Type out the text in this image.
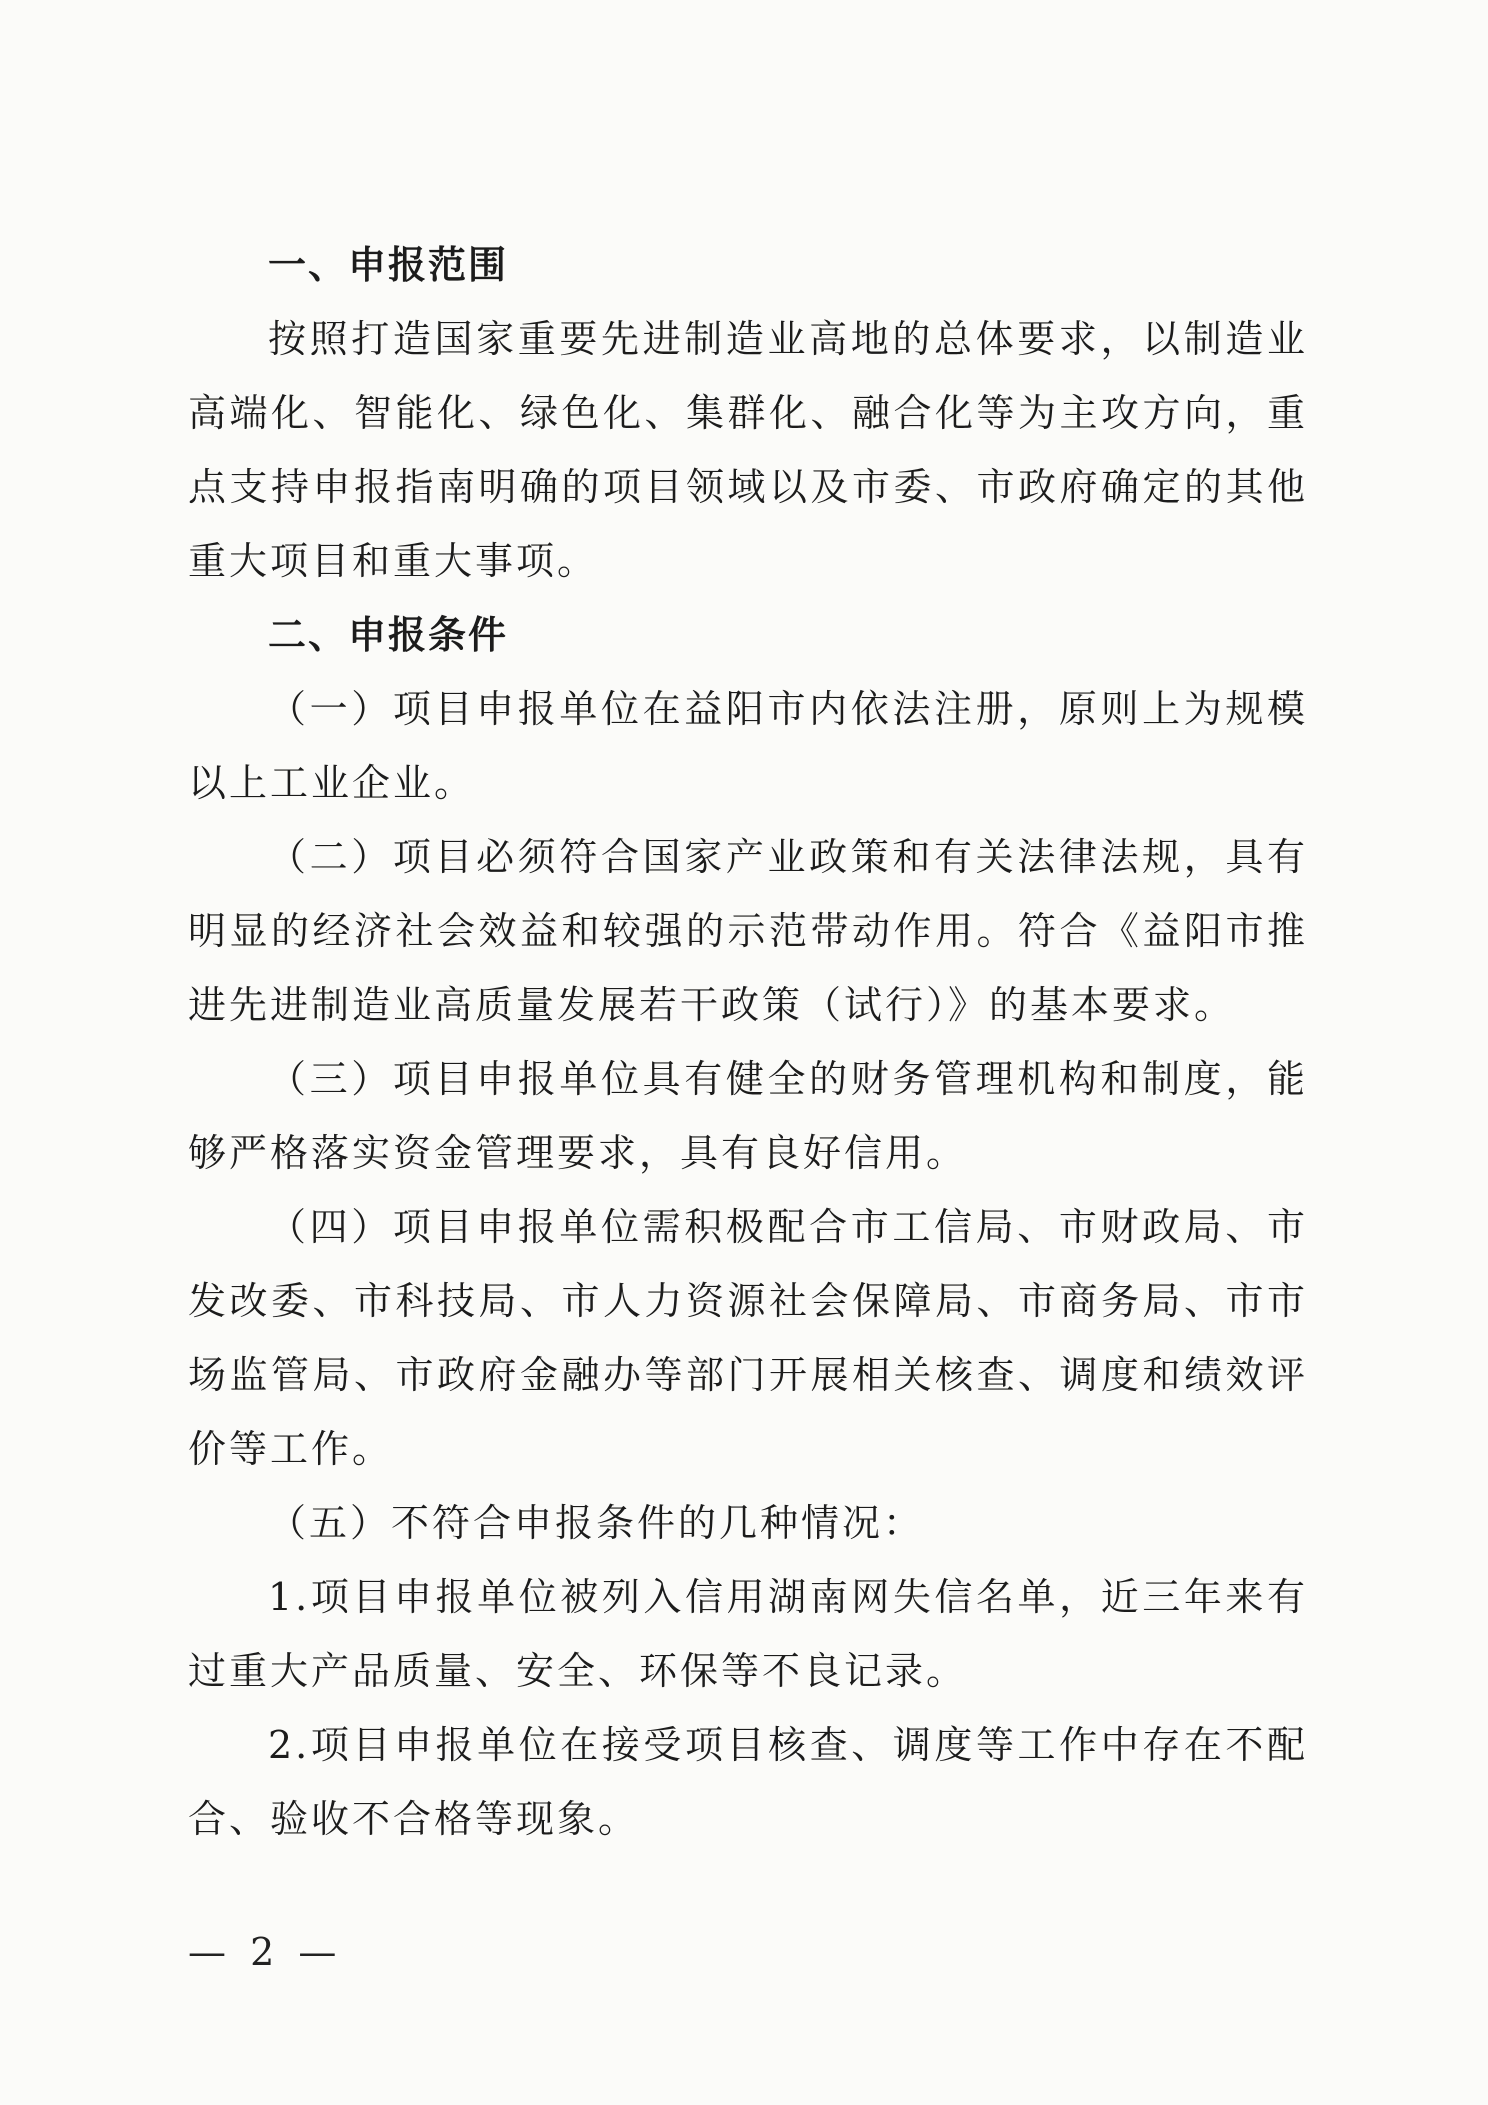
一、申报范围

按照打造国家重要先进制造业高地的总体要求，以制造业高端化、智能化、绿色化、集群化、融合化等为主攻方向，重点支持申报指南明确的项目领域以及市委、市政府确定的其他重大项目和重大事项。

二、申报条件

（一）项目申报单位在益阳市内依法注册，原则上为规模以上工业企业。

（二）项目必须符合国家产业政策和有关法律法规，具有明显的经济社会效益和较强的示范带动作用。符合《益阳市推进先进制造业高质量发展若干政策（试行）》的基本要求。

（三）项目申报单位具有健全的财务管理机构和制度，能够严格落实资金管理要求，具有良好信用。

（四）项目申报单位需积极配合市工信局、市财政局、市发改委、市科技局、市人力资源社会保障局、市商务局、市市场监管局、市政府金融办等部门开展相关核查、调度和绩效评价等工作。

（五）不符合申报条件的几种情况：

1.项目申报单位被列入信用湖南网失信名单，近三年来有过重大产品质量、安全、环保等不良记录。

2.项目申报单位在接受项目核查、调度等工作中存在不配合、验收不合格等现象。

— 2 —
